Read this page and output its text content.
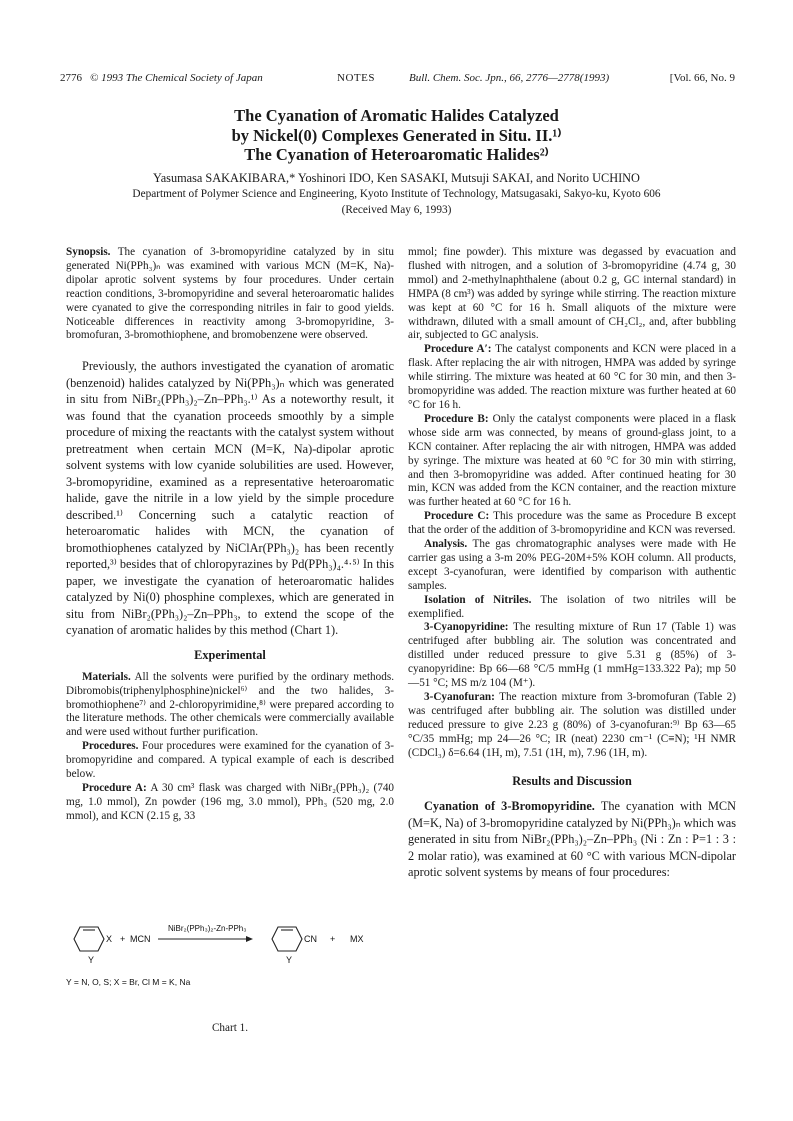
2776 © 1993 The Chemical Society of Japan	NOTES	Bull. Chem. Soc. Jpn., 66, 2776—2778(1993)	[Vol. 66, No. 9
The Cyanation of Aromatic Halides Catalyzed
by Nickel(0) Complexes Generated in Situ. II.¹⁾
The Cyanation of Heteroaromatic Halides²⁾
Yasumasa SAKAKIBARA,* Yoshinori IDO, Ken SASAKI, Mutsuji SAKAI, and Norito UCHINO
Department of Polymer Science and Engineering, Kyoto Institute of Technology, Matsugasaki, Sakyo-ku, Kyoto 606
(Received May 6, 1993)

Synopsis. The cyanation of 3-bromopyridine catalyzed by in situ generated Ni(PPh₃)ₙ was examined with various MCN (M=K, Na)-dipolar aprotic solvent systems by four procedures. Under certain reaction conditions, 3-bromopyridine and several heteroaromatic halides were cyanated to give the corresponding nitriles in fair to good yields. Noticeable differences in reactivity among 3-bromopyridine, 3-bromofuran, 3-bromothiophene, and bromobenzene were observed.

Previously, the authors investigated the cyanation of aromatic (benzenoid) halides catalyzed by Ni(PPh₃)ₙ which was generated in situ from NiBr₂(PPh₃)₂–Zn–PPh₃.¹⁾ As a noteworthy result, it was found that the cyanation proceeds smoothly by a simple procedure of mixing the reactants with the catalyst system without pretreatment when certain MCN (M=K, Na)-dipolar aprotic solvent systems with low cyanide solubilities are used. However, 3-bromopyridine, examined as a representative heteroaromatic halide, gave the nitrile in a low yield by the simple procedure described.¹⁾ Concerning such a catalytic reaction of heteroaromatic halides with MCN, the cyanation of bromothiophenes catalyzed by NiClAr(PPh₃)₂ has been recently reported,³⁾ besides that of chloropyrazines by Pd(PPh₃)₄.⁴·⁵⁾ In this paper, we investigate the cyanation of heteroaromatic halides catalyzed by Ni(0) phosphine complexes, which are generated in situ from NiBr₂(PPh₃)₂–Zn–PPh₃, to extend the scope of the cyanation of aromatic halides by this method (Chart 1).

Experimental

Materials. All the solvents were purified by the ordinary methods. Dibromobis(triphenylphosphine)nickel⁶⁾ and the two halides, 3-bromothiophene⁷⁾ and 2-chloropyrimidine,⁸⁾ were prepared according to the literature methods. The other chemicals were commercially available and were used without further purification.

Procedures. Four procedures were examined for the cyanation of 3-bromopyridine and compared. A typical example of each is described below.

Procedure A: A 30 cm³ flask was charged with NiBr₂(PPh₃)₂ (740 mg, 1.0 mmol), Zn powder (196 mg, 3.0 mmol), PPh₃ (520 mg, 2.0 mmol), and KCN (2.15 g, 33

X
Y
+ MCN
NiBr₂(PPh₃)₂-Zn-PPh₃
CN
Y
+ MX
Y = N, O, S; X = Br, Cl M = K, Na
Chart 1.

mmol; fine powder). This mixture was degassed by evacuation and flushed with nitrogen, and a solution of 3-bromopyridine (4.74 g, 30 mmol) and 2-methylnaphthalene (about 0.2 g, GC internal standard) in HMPA (8 cm³) was added by syringe while stirring. The reaction mixture was kept at 60 °C for 16 h. Small aliquots of the mixture were withdrawn, diluted with a small amount of CH₂Cl₂, and, after bubbling air, subjected to GC analysis.

Procedure A′: The catalyst components and KCN were placed in a flask. After replacing the air with nitrogen, HMPA was added by syringe while stirring. The mixture was heated at 60 °C for 30 min, and then 3-bromopyridine was added. The reaction mixture was further heated at 60 °C for 16 h.

Procedure B: Only the catalyst components were placed in a flask whose side arm was connected, by means of ground-glass joint, to a KCN container. After replacing the air with nitrogen, HMPA was added by syringe. The mixture was heated at 60 °C for 30 min with stirring, and then 3-bromopyridine was added. After continued heating for 30 min, KCN was added from the KCN container, and the reaction mixture was further heated at 60 °C for 16 h.

Procedure C: This procedure was the same as Procedure B except that the order of the addition of 3-bromopyridine and KCN was reversed.

Analysis. The gas chromatographic analyses were made with He carrier gas using a 3-m 20% PEG-20M+5% KOH column. All products, except 3-cyanofuran, were identified by comparison with authentic samples.

Isolation of Nitriles. The isolation of two nitriles will be exemplified.

3-Cyanopyridine: The resulting mixture of Run 17 (Table 1) was centrifuged after bubbling air. The solution was concentrated and distilled under reduced pressure to give 5.31 g (85%) of 3-cyanopyridine: Bp 66—68 °C/5 mmHg (1 mmHg=133.322 Pa); mp 50—51 °C; MS m/z 104 (M⁺).

3-Cyanofuran: The reaction mixture from 3-bromofuran (Table 2) was centrifuged after bubbling air. The solution was distilled under reduced pressure to give 2.23 g (80%) of 3-cyanofuran:⁹⁾ Bp 63—65 °C/35 mmHg; mp 24—26 °C; IR (neat) 2230 cm⁻¹ (C≡N); ¹H NMR (CDCl₃) δ=6.64 (1H, m), 7.51 (1H, m), 7.96 (1H, m).

Results and Discussion

Cyanation of 3-Bromopyridine. The cyanation with MCN (M=K, Na) of 3-bromopyridine catalyzed by Ni(PPh₃)ₙ which was generated in situ from NiBr₂(PPh₃)₂–Zn–PPh₃ (Ni : Zn : P=1 : 3 : 2 molar ratio), was examined at 60 °C with various MCN-dipolar aprotic solvent systems by means of four procedures:
